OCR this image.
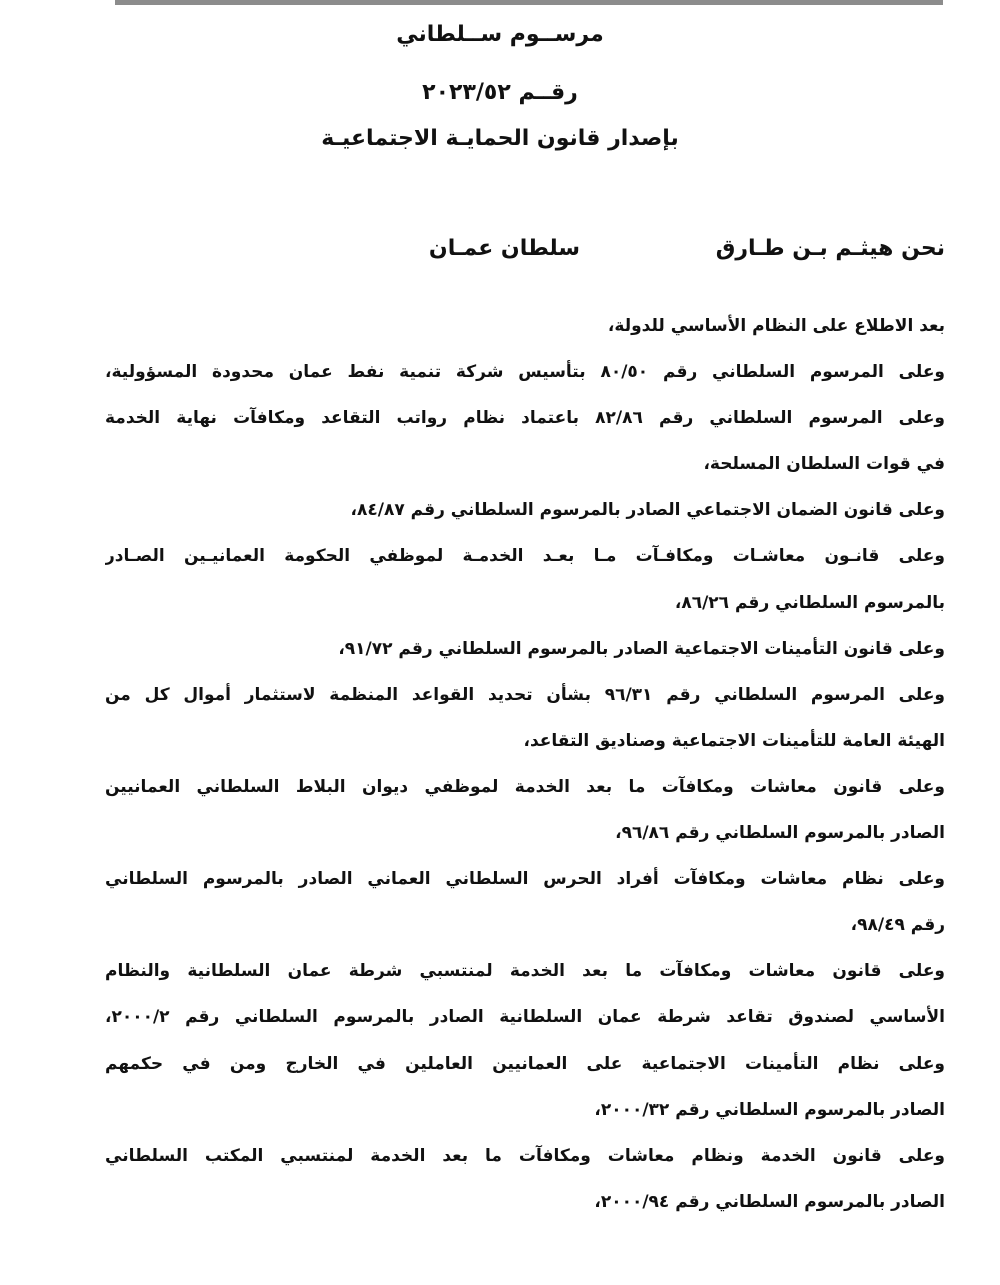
مرســوم ســلطاني
رقــم ٢٠٢٣/٥٢
بإصدار قانون الحمايـة الاجتماعيـة
نحن هيثـم بـن طـارق
سلطان عمـان
بعد الاطلاع على النظام الأساسي للدولة،
وعلى المرسوم السلطاني رقم ٨٠/٥٠ بتأسيس شركة تنمية نفط عمان محدودة المسؤولية،
وعلى المرسوم السلطاني رقم ٨٢/٨٦ باعتماد نظام رواتب التقاعد ومكافآت نهاية الخدمة
في قوات السلطان المسلحة،
وعلى قانون الضمان الاجتماعي الصادر بالمرسوم السلطاني رقم ٨٤/٨٧،
وعلى قانـون معاشـات ومكافـآت مـا بعـد الخدمـة لموظفي الحكومة العمانيـين الصـادر
بالمرسوم السلطاني رقم ٨٦/٢٦،
وعلى قانون التأمينات الاجتماعية الصادر بالمرسوم السلطاني رقم ٩١/٧٢،
وعلى المرسوم السلطاني رقم ٩٦/٣١ بشأن تحديد القواعد المنظمة لاستثمار أموال كل من
الهيئة العامة للتأمينات الاجتماعية وصناديق التقاعد،
وعلى قانون معاشات ومكافآت ما بعد الخدمة لموظفي ديوان البلاط السلطاني العمانيين
الصادر بالمرسوم السلطاني رقم ٩٦/٨٦،
وعلى نظام معاشات ومكافآت أفراد الحرس السلطاني العماني الصادر بالمرسوم السلطاني
رقم ٩٨/٤٩،
وعلى قانون معاشات ومكافآت ما بعد الخدمة لمنتسبي شرطة عمان السلطانية والنظام
الأساسي لصندوق تقاعد شرطة عمان السلطانية الصادر بالمرسوم السلطاني رقم ٢٠٠٠/٢،
وعلى نظام التأمينات الاجتماعية على العمانيين العاملين في الخارج ومن في حكمهم
الصادر بالمرسوم السلطاني رقم ٢٠٠٠/٣٢،
وعلى قانون الخدمة ونظام معاشات ومكافآت ما بعد الخدمة لمنتسبي المكتب السلطاني
الصادر بالمرسوم السلطاني رقم ٢٠٠٠/٩٤،
